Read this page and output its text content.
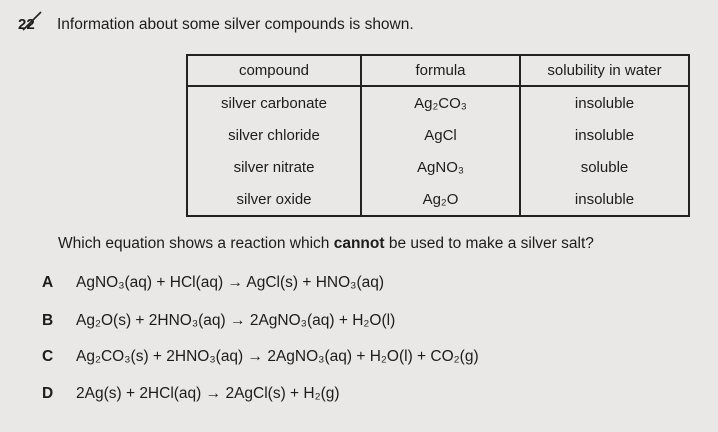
22 Information about some silver compounds is shown.
compound	formula	solubility in water
silver carbonate	Ag₂CO₃	insoluble
silver chloride	AgCl	insoluble
silver nitrate	AgNO₃	soluble
silver oxide	Ag₂O	insoluble
Which equation shows a reaction which cannot be used to make a silver salt?
A AgNO₃(aq) + HCl(aq) → AgCl(s) + HNO₃(aq)
B Ag₂O(s) + 2HNO₃(aq) → 2AgNO₃(aq) + H₂O(l)
C Ag₂CO₃(s) + 2HNO₃(aq) → 2AgNO₃(aq) + H₂O(l) + CO₂(g)
D 2Ag(s) + 2HCl(aq) → 2AgCl(s) + H₂(g)
